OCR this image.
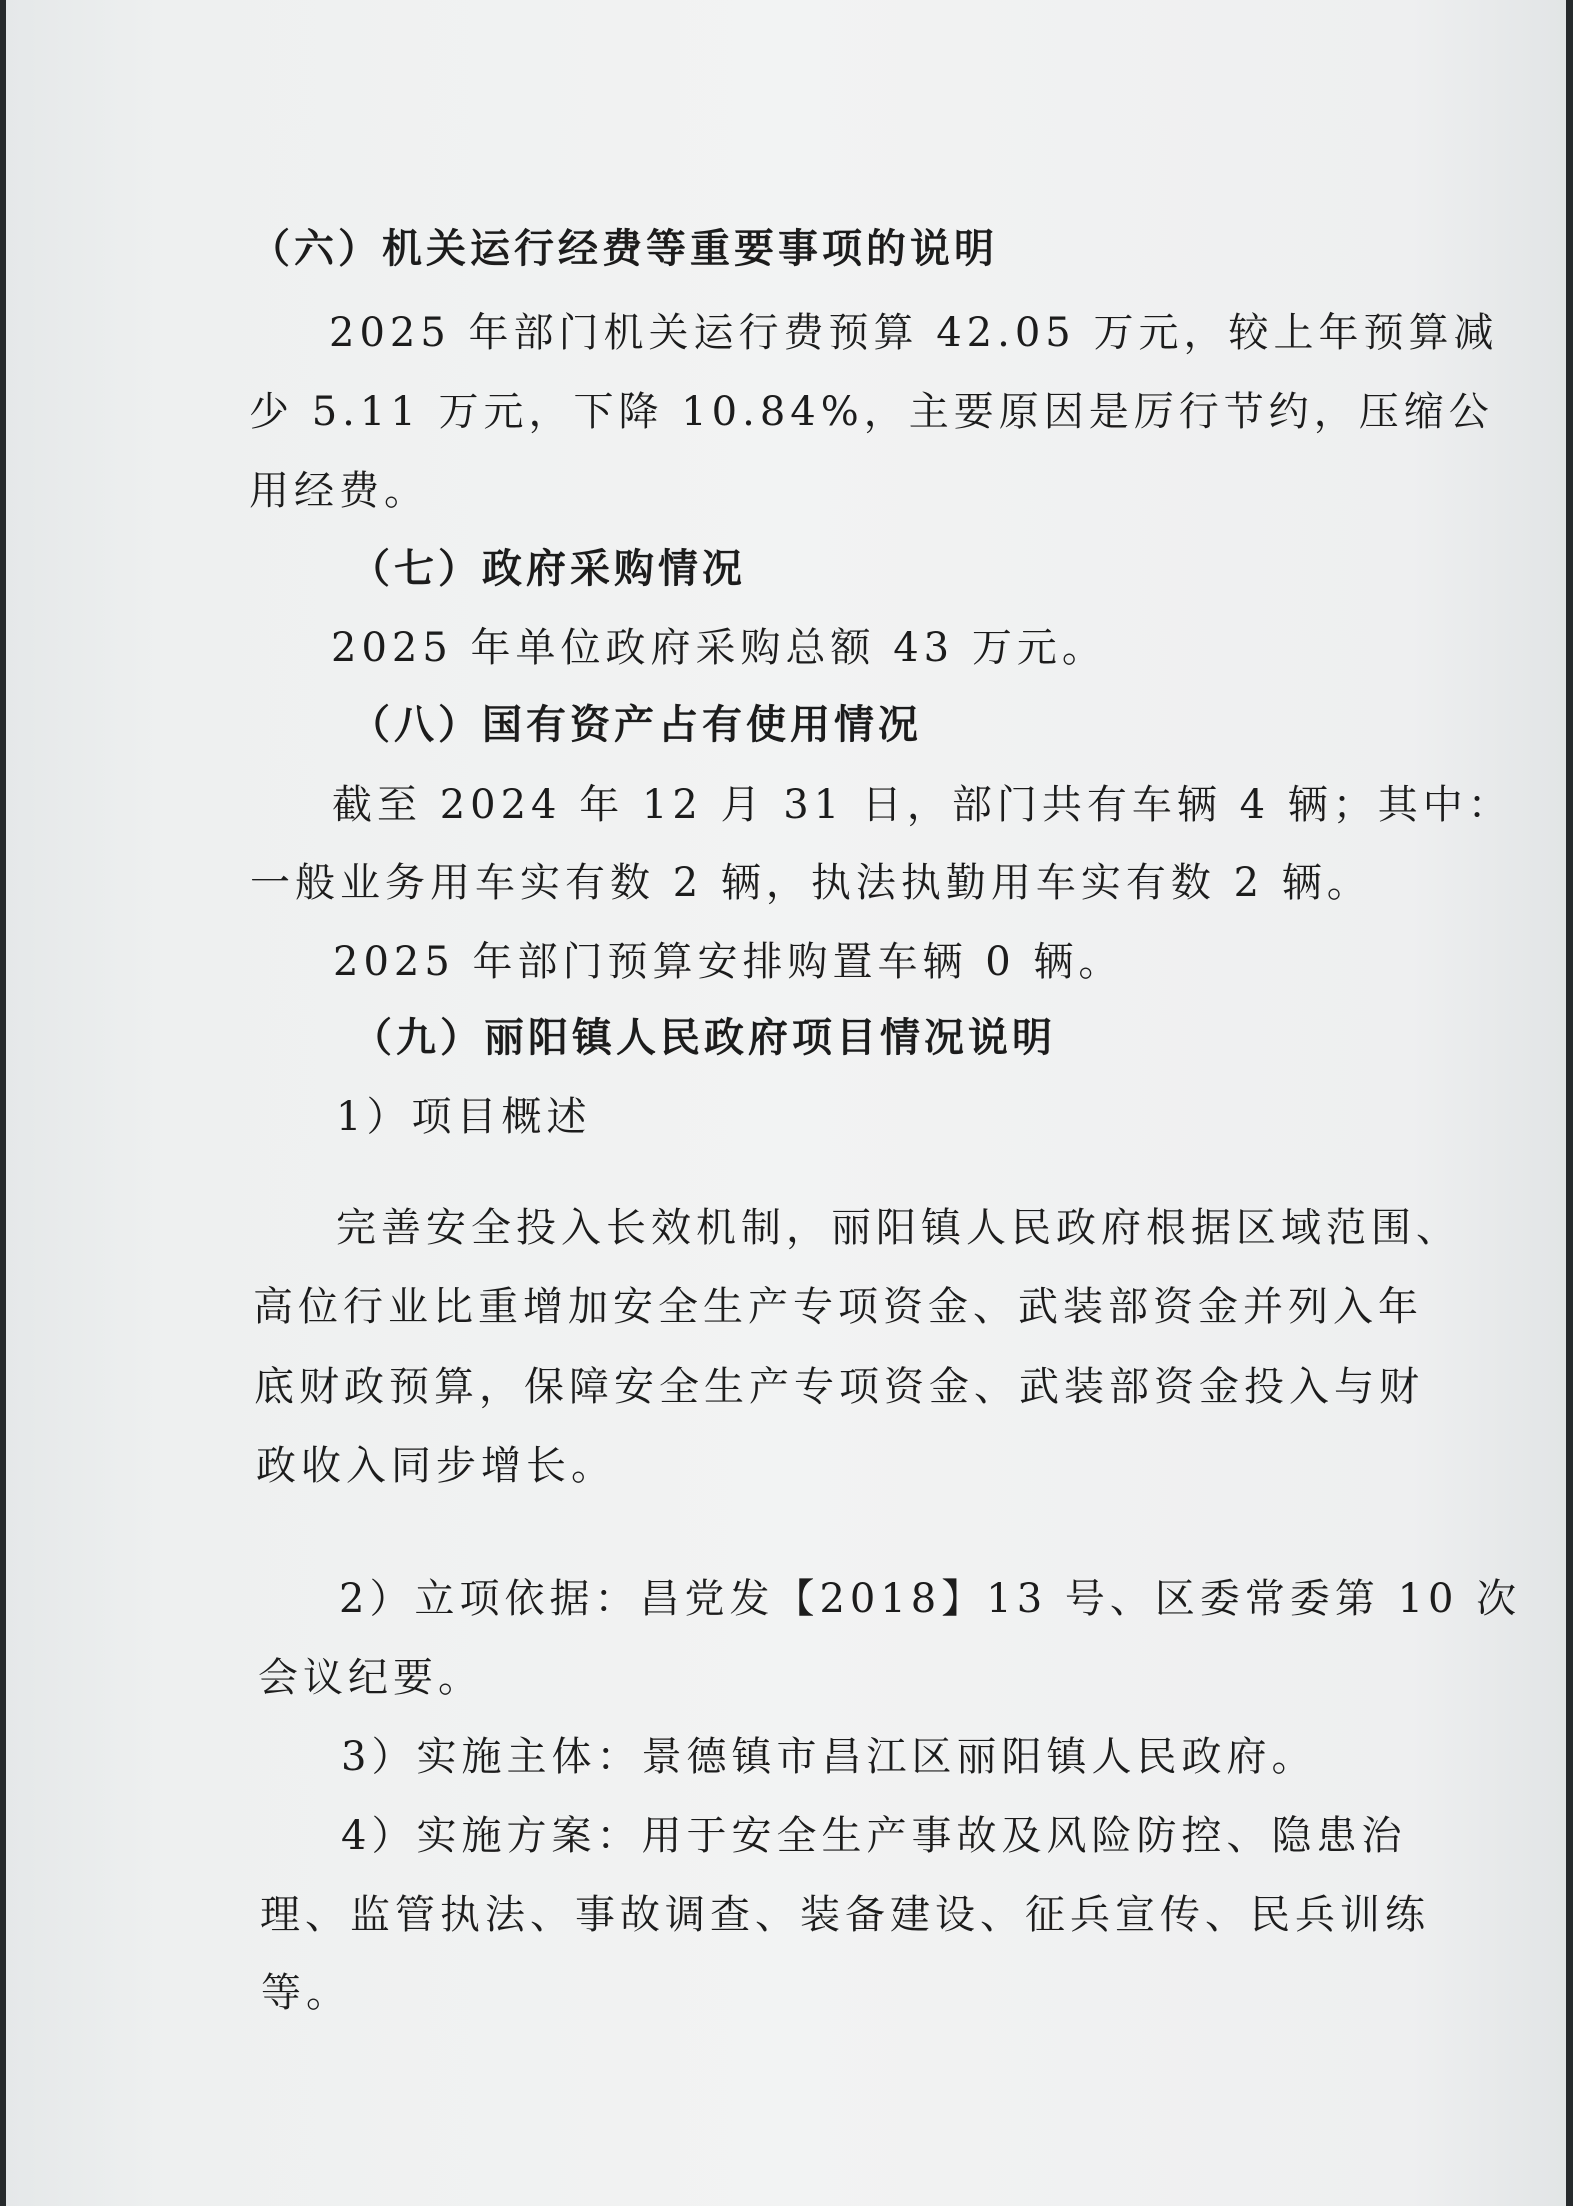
（六）机关运行经费等重要事项的说明
2025 年部门机关运行费预算 42.05 万元，较上年预算减
少 5.11 万元，下降 10.84%，主要原因是厉行节约，压缩公
用经费。
（七）政府采购情况
2025 年单位政府采购总额 43 万元。
（八）国有资产占有使用情况
截至 2024 年 12 月 31 日，部门共有车辆 4 辆；其中：
一般业务用车实有数 2 辆，执法执勤用车实有数 2 辆。
2025 年部门预算安排购置车辆 0 辆。
（九）丽阳镇人民政府项目情况说明
1）项目概述
完善安全投入长效机制，丽阳镇人民政府根据区域范围、
高位行业比重增加安全生产专项资金、武装部资金并列入年
底财政预算，保障安全生产专项资金、武装部资金投入与财
政收入同步增长。
2）立项依据：昌党发【2018】13 号、区委常委第 10 次
会议纪要。
3）实施主体：景德镇市昌江区丽阳镇人民政府。
4）实施方案：用于安全生产事故及风险防控、隐患治
理、监管执法、事故调查、装备建设、征兵宣传、民兵训练
等。
